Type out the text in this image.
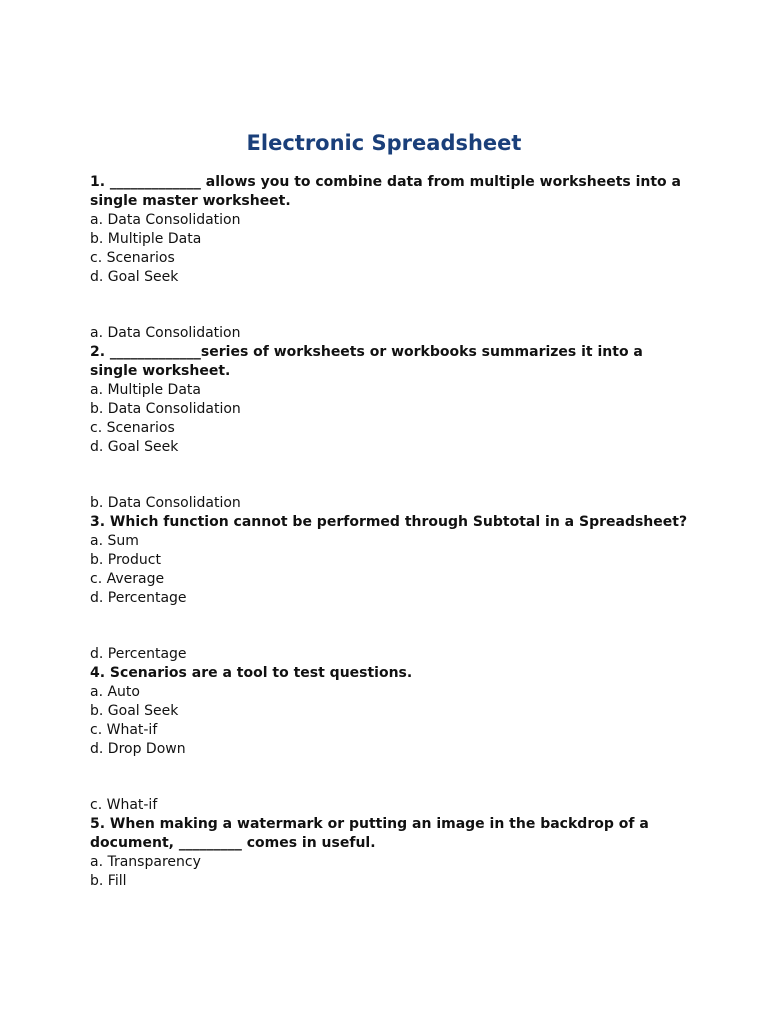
Electronic Spreadsheet
1. _____________ allows you to combine data from multiple worksheets into a single master worksheet.
a. Data Consolidation
b. Multiple Data
c. Scenarios
d. Goal Seek
a. Data Consolidation
2. _____________series of worksheets or workbooks summarizes it into a single worksheet.
a. Multiple Data
b. Data Consolidation
c. Scenarios
d. Goal Seek
b. Data Consolidation
3. Which function cannot be performed through Subtotal in a Spreadsheet?
a. Sum
b. Product
c. Average
d. Percentage
d. Percentage
4. Scenarios are a tool to test questions.
a. Auto
b. Goal Seek
c. What-if
d. Drop Down
c. What-if
5. When making a watermark or putting an image in the backdrop of a document, _________ comes in useful.
a. Transparency
b. Fill
